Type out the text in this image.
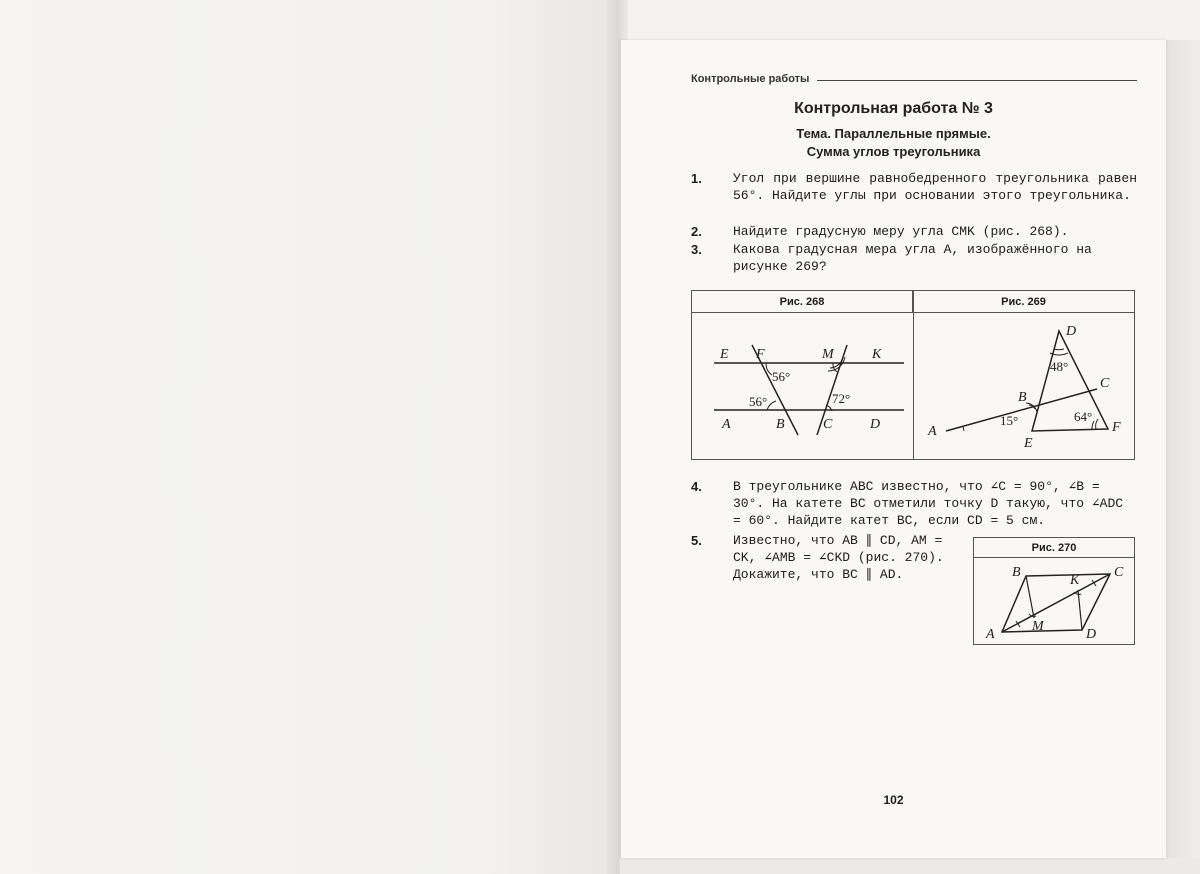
Контрольные работы
Контрольная работа № 3
Тема. Параллельные прямые.
Сумма углов треугольника
1. Угол при вершине равнобедренного треугольника равен 56°. Найдите углы при основании этого треугольника.
2. Найдите градусную меру угла CMK (рис. 268).
3. Какова градусная мера угла A, изображённого на рисунке 269?
Рис. 268	Рис. 269
E F	M	K
A	B	C	D
56°
56°	72°
D
C
B
A
E
F
48°
15°	64°
4. В треугольнике ABC известно, что ∠C = 90°, ∠B = 30°. На катете BC отметили точку D такую, что ∠ADC = 60°. Найдите катет BC, если CD = 5 см.
5. Известно, что AB ∥ CD, AM = CK, ∠AMB = ∠CKD (рис. 270). Докажите, что BC ∥ AD.
Рис. 270
B	C
K
A
M
D
102
